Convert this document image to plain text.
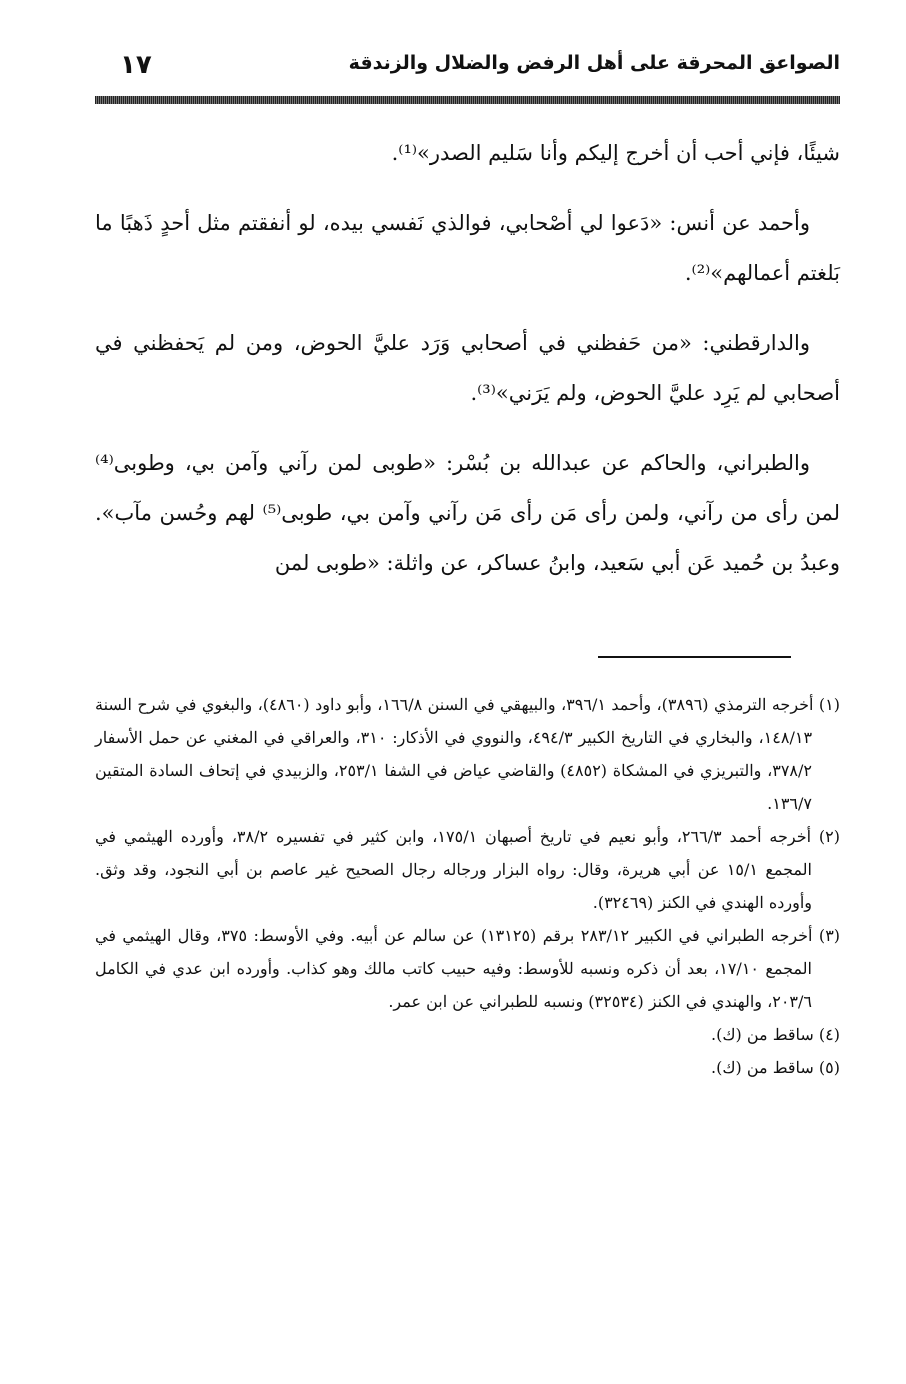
الصواعق المحرقة على أهل الرفض والضلال والزندقة
١٧

شيئًا، فإني أحب أن أخرج إليكم وأنا سَليم الصدر»⁽¹⁾.

وأحمد عن أنس: «دَعوا لي أصْحابي، فوالذي نَفسي بيده، لو أنفقتم مثل أحدٍ ذَهبًا ما بَلغتم أعمالهم»⁽²⁾.

والدارقطني: «من حَفظني في أصحابي وَرَد عليَّ الحوض، ومن لم يَحفظني في أصحابي لم يَرِد عليَّ الحوض، ولم يَرَني»⁽³⁾.

والطبراني، والحاكم عن عبدالله بن بُسْر: «طوبى لمن رآني وآمن بي، وطوبى⁽⁴⁾ لمن رأى من رآني، ولمن رأى مَن رأى مَن رآني وآمن بي، طوبى⁽⁵⁾ لهم وحُسن مآب». وعبدُ بن حُميد عَن أبي سَعيد، وابنُ عساكر، عن واثلة: «طوبى لمن

(١) أخرجه الترمذي (٣٨٩٦)، وأحمد ٣٩٦/١، والبيهقي في السنن ١٦٦/٨، وأبو داود (٤٨٦٠)، والبغوي في شرح السنة ١٤٨/١٣، والبخاري في التاريخ الكبير ٤٩٤/٣، والنووي في الأذكار: ٣١٠، والعراقي في المغني عن حمل الأسفار ٣٧٨/٢، والتبريزي في المشكاة (٤٨٥٢) والقاضي عياض في الشفا ٢٥٣/١، والزبيدي في إتحاف السادة المتقين ١٣٦/٧.

(٢) أخرجه أحمد ٢٦٦/٣، وأبو نعيم في تاريخ أصبهان ١٧٥/١، وابن كثير في تفسيره ٣٨/٢، وأورده الهيثمي في المجمع ١٥/١ عن أبي هريرة، وقال: رواه البزار ورجاله رجال الصحيح غير عاصم بن أبي النجود، وقد وثق. وأورده الهندي في الكنز (٣٢٤٦٩).

(٣) أخرجه الطبراني في الكبير ٢٨٣/١٢ برقم (١٣١٢٥) عن سالم عن أبيه. وفي الأوسط: ٣٧٥، وقال الهيثمي في المجمع ١٧/١٠، بعد أن ذكره ونسبه للأوسط: وفيه حبيب كاتب مالك وهو كذاب. وأورده ابن عدي في الكامل ٢٠٣/٦، والهندي في الكنز (٣٢٥٣٤) ونسبه للطبراني عن ابن عمر.

(٤) ساقط من (ك).

(٥) ساقط من (ك).
